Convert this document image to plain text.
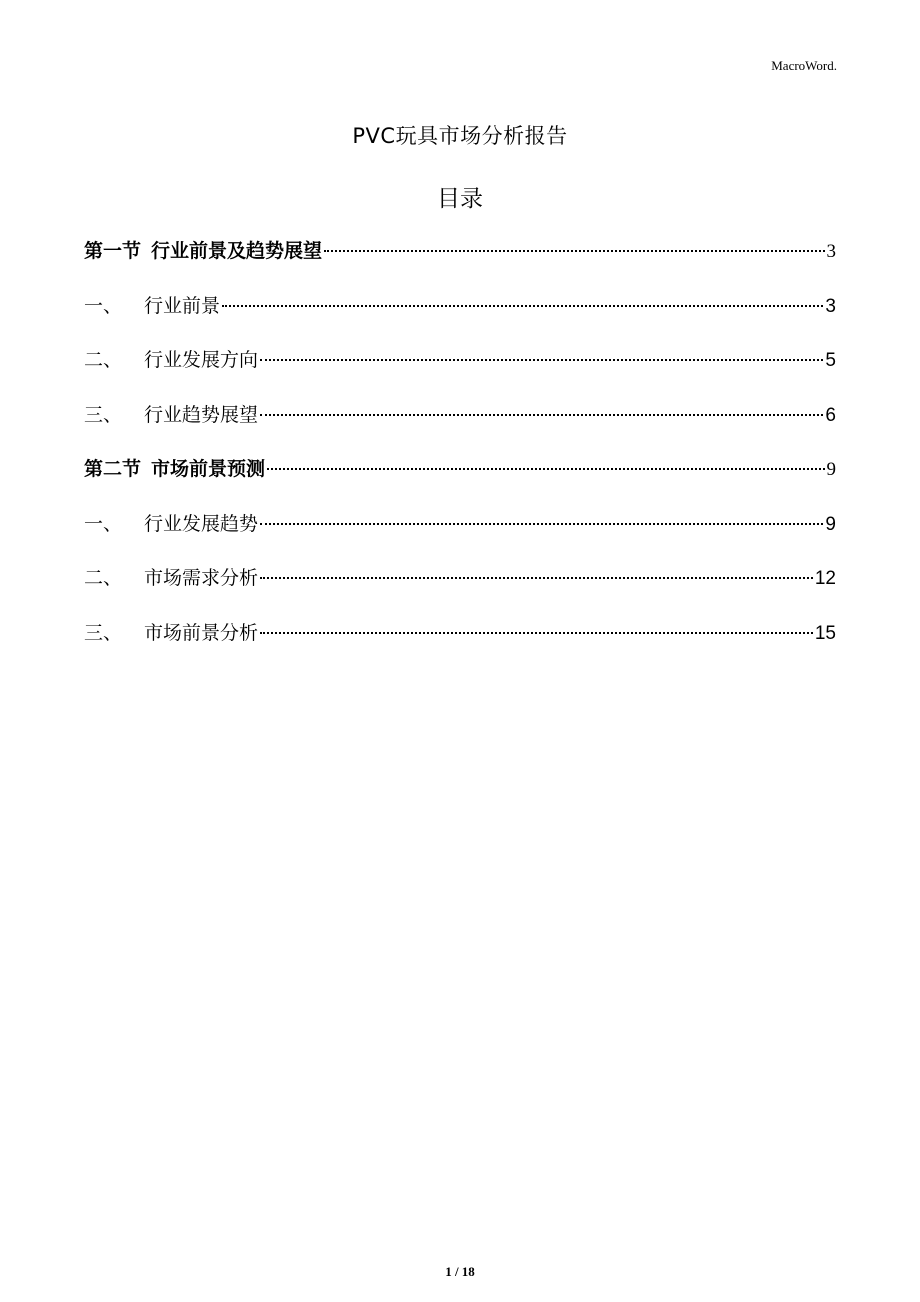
MacroWord.
PVC玩具市场分析报告
目录
第一节 行业前景及趋势展望	3
一、	行业前景	3
二、	行业发展方向	5
三、	行业趋势展望	6
第二节 市场前景预测	9
一、	行业发展趋势	9
二、	市场需求分析	12
三、	市场前景分析	15
1 / 18
